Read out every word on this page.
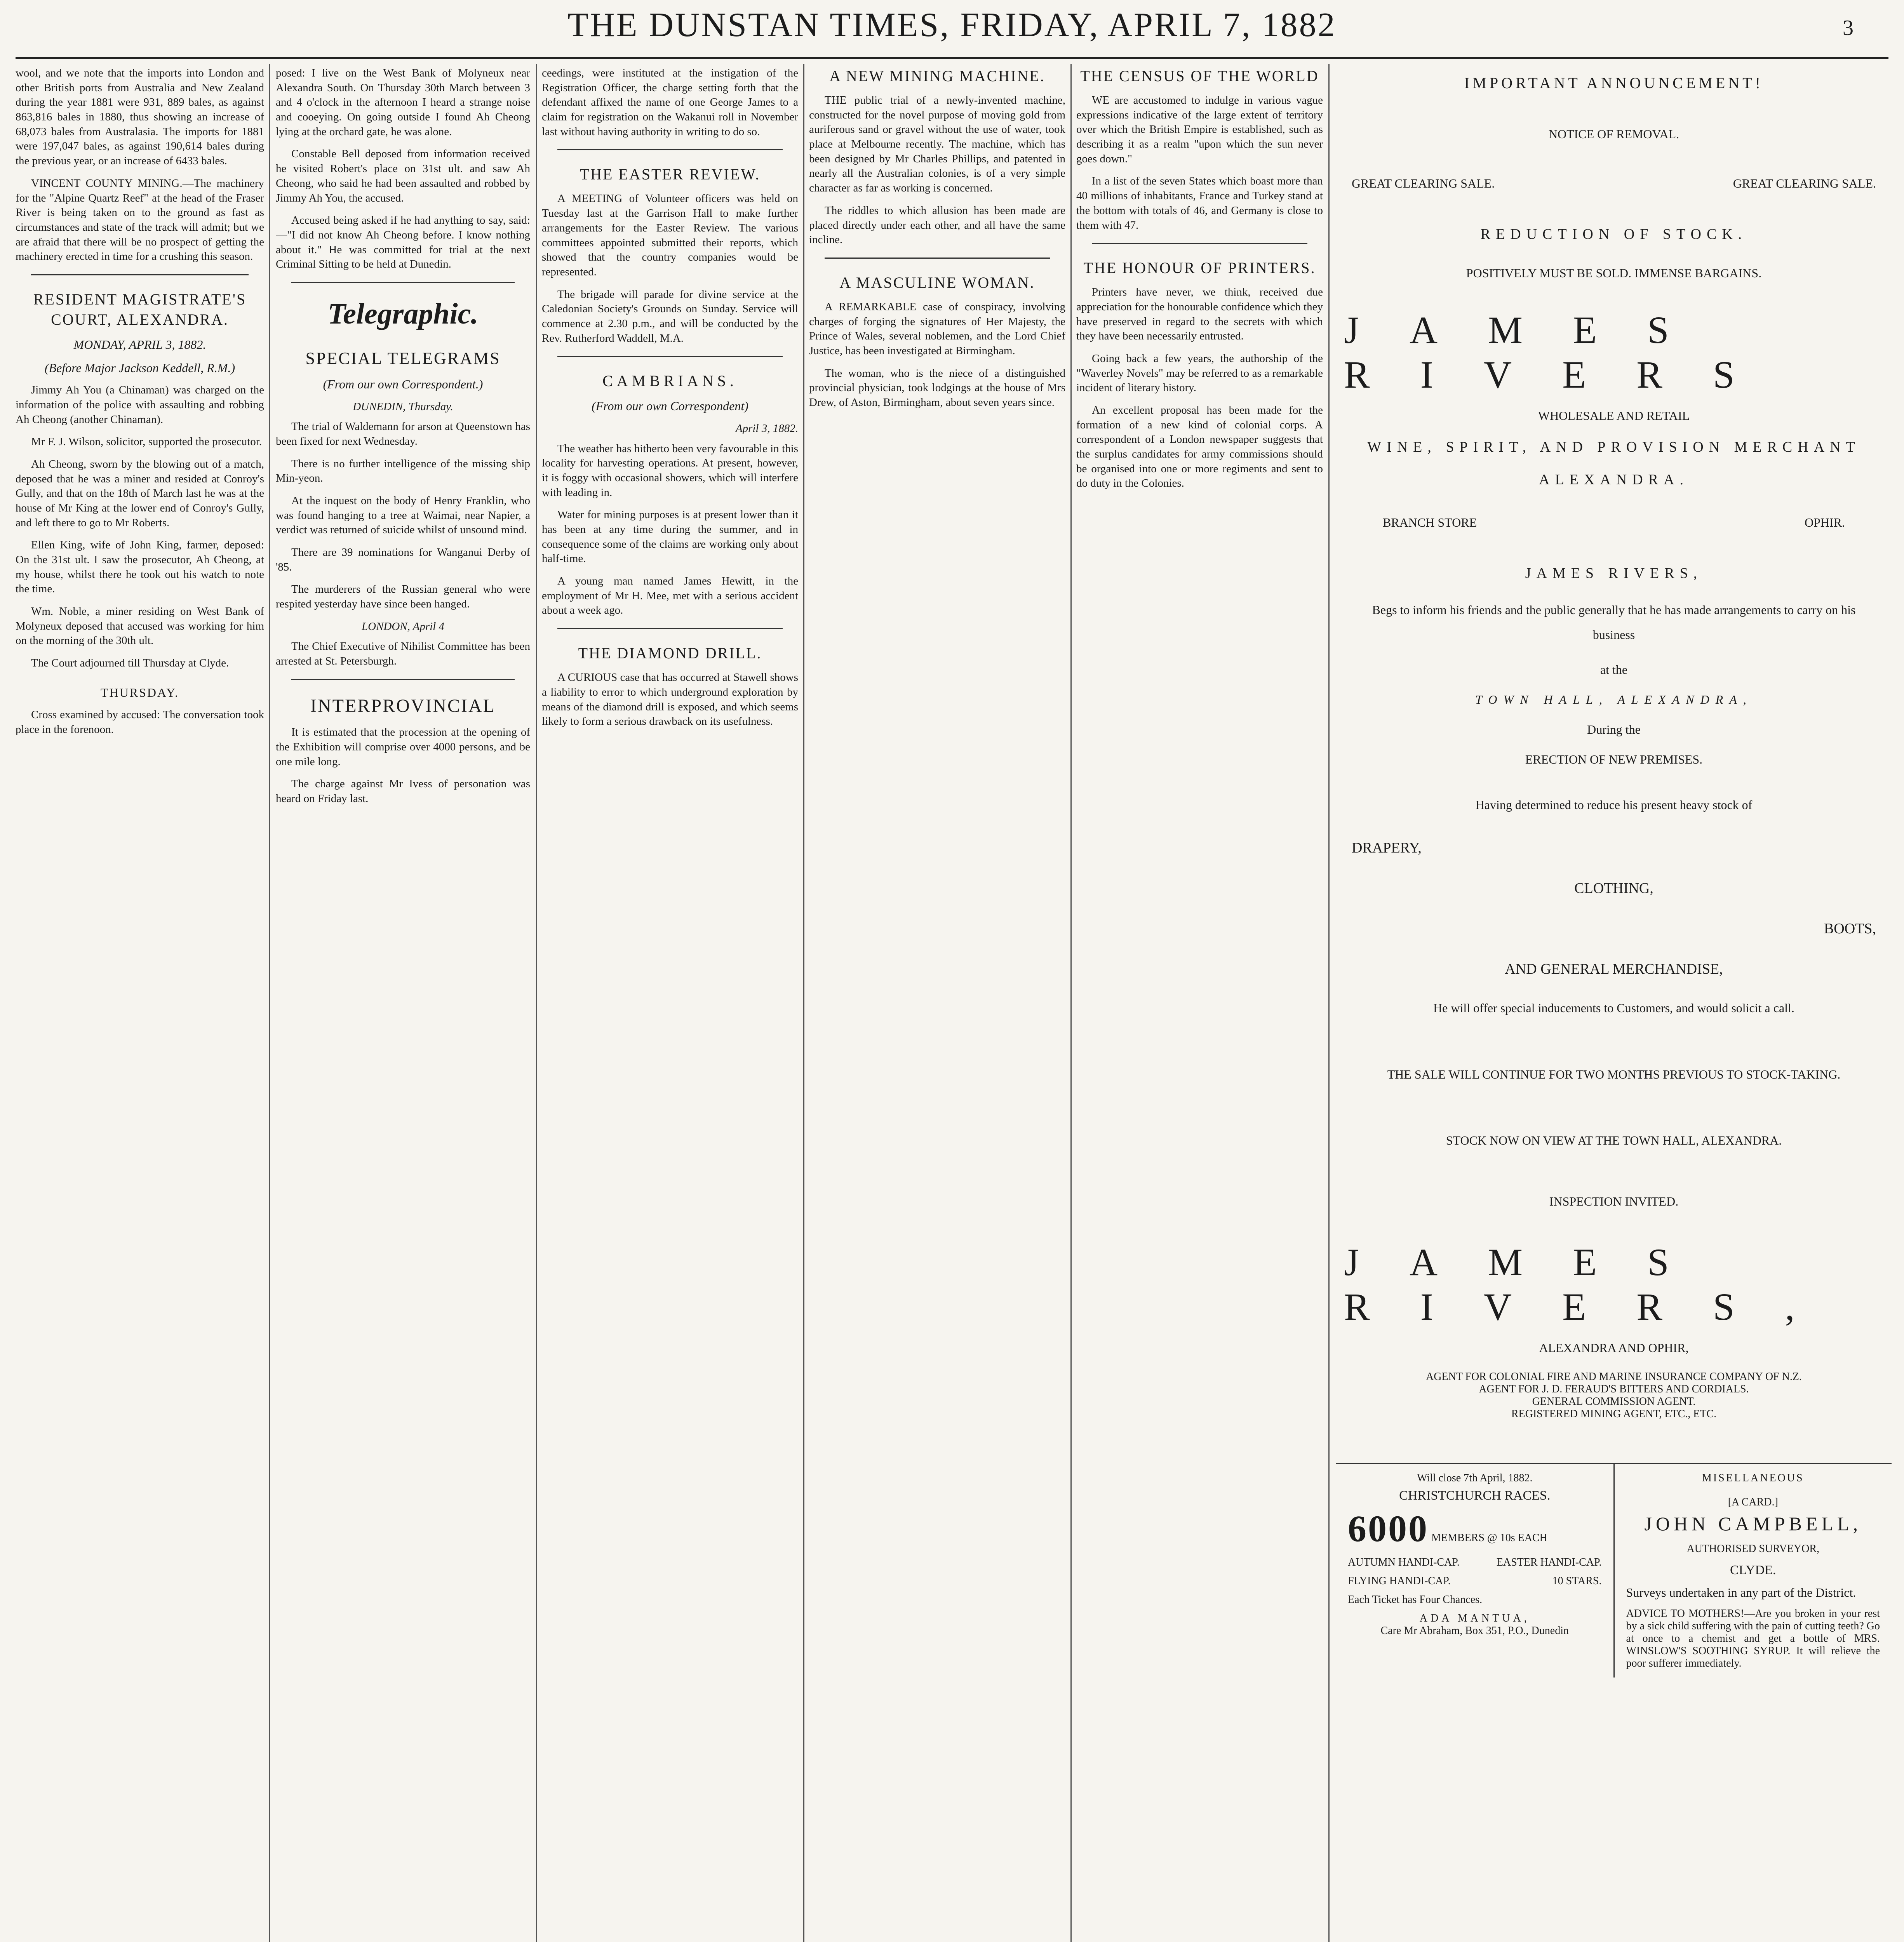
THE DUNSTAN TIMES, FRIDAY, APRIL 7, 1882	3

wool, and we note that the imports into London and other British ports from Australia and New Zealand during the year 1881 were 931, 889 bales, as against 863,816 bales in 1880, thus showing an increase of 68,073 bales from Australasia. The imports for 1881 were 197,047 bales, as against 190,614 bales during the previous year, or an increase of 6433 bales.

VINCENT COUNTY MINING.—The machinery for the "Alpine Quartz Reef" at the head of the Fraser River is being taken on to the ground as fast as circumstances and state of the track will admit; but we are afraid that there will be no prospect of getting the machinery erected in time for a crushing this season.

RESIDENT MAGISTRATE'S COURT, ALEXANDRA.
MONDAY, APRIL 3, 1882.
(Before Major Jackson Keddell, R.M.)

Jimmy Ah You (a Chinaman) was charged on the information of the police with assaulting and robbing Ah Cheong (another Chinaman).

Mr F. J. Wilson, solicitor, supported the prosecutor.

Ah Cheong, sworn by the blowing out of a match, deposed that he was a miner and resided at Conroy's Gully, and that on the 18th of March last he was at the house of Mr King at the lower end of Conroy's Gully, and left there to go to Mr Roberts.

Ellen King, wife of John King, farmer, deposed: On the 31st ult. I saw the prosecutor, Ah Cheong, at my house, whilst there he took out his watch to note the time.

Wm. Noble, a miner residing on West Bank of Molyneux deposed that accused was working for him on the morning of the 30th ult.

The Court adjourned till Thursday at Clyde.

THURSDAY.

Cross examined by accused: The conversation took place in the forenoon.

posed: I live on the West Bank of Molyneux near Alexandra South. On Thursday 30th March between 3 and 4 o'clock in the afternoon I heard a strange noise and cooeying. On going outside I found Ah Cheong lying at the orchard gate, he was alone.

Constable Bell deposed from information received he visited Robert's place on 31st ult. and saw Ah Cheong, who said he had been assaulted and robbed by Jimmy Ah You, the accused.

Accused being asked if he had anything to say, said:—"I did not know Ah Cheong before. I know nothing about it." He was committed for trial at the next Criminal Sitting to be held at Dunedin.

Telegraphic.
SPECIAL TELEGRAMS
(From our own Correspondent.)
DUNEDIN, Thursday.

The trial of Waldemann for arson at Queenstown has been fixed for next Wednesday.

There is no further intelligence of the missing ship Min-yeon.

At the inquest on the body of Henry Franklin, who was found hanging to a tree at Waimai, near Napier, a verdict was returned of suicide whilst of unsound mind.

There are 39 nominations for Wanganui Derby of '85.

The murderers of the Russian general who were respited yesterday have since been hanged.

LONDON, April 4

The Chief Executive of Nihilist Committee has been arrested at St. Petersburgh.

INTERPROVINCIAL

It is estimated that the procession at the opening of the Exhibition will comprise over 4000 persons, and be one mile long.

The charge against Mr Ivess of personation was heard on Friday last.

ceedings, were instituted at the instigation of the Registration Officer, the charge setting forth that the defendant affixed the name of one George James to a claim for registration on the Wakanui roll in November last without having authority in writing to do so.

THE EASTER REVIEW.

A MEETING of Volunteer officers was held on Tuesday last at the Garrison Hall to make further arrangements for the Easter Review. The various committees appointed submitted their reports, which showed that the country companies would be represented.

The brigade will parade for divine service at the Caledonian Society's Grounds on Sunday. Service will commence at 2.30 p.m., and will be conducted by the Rev. Rutherford Waddell, M.A.

CAMBRIANS.
(From our own Correspondent)
April 3, 1882.

The weather has hitherto been very favourable in this locality for harvesting operations. At present, however, it is foggy with occasional showers, which will interfere with leading in.

Water for mining purposes is at present lower than it has been at any time during the summer, and in consequence some of the claims are working only about half-time.

A young man named James Hewitt, in the employment of Mr H. Mee, met with a serious accident about a week ago.

THE DIAMOND DRILL.

A CURIOUS case that has occurred at Stawell shows a liability to error to which underground exploration by means of the diamond drill is exposed, and which seems likely to form a serious drawback on its usefulness.

A NEW MINING MACHINE.

THE public trial of a newly-invented machine, constructed for the novel purpose of moving gold from auriferous sand or gravel without the use of water, took place at Melbourne recently. The machine, which has been designed by Mr Charles Phillips, and patented in nearly all the Australian colonies, is of a very simple character as far as working is concerned.

The riddles to which allusion has been made are placed directly under each other, and all have the same incline.

A MASCULINE WOMAN.

A REMARKABLE case of conspiracy, involving charges of forging the signatures of Her Majesty, the Prince of Wales, several noblemen, and the Lord Chief Justice, has been investigated at Birmingham.

The woman, who is the niece of a distinguished provincial physician, took lodgings at the house of Mrs Drew, of Aston, Birmingham, about seven years since.

THE CENSUS OF THE WORLD

WE are accustomed to indulge in various vague expressions indicative of the large extent of territory over which the British Empire is established, such as describing it as a realm "upon which the sun never goes down."

In a list of the seven States which boast more than 40 millions of inhabitants, France and Turkey stand at the bottom with totals of 46, and Germany is close to them with 47.

THE HONOUR OF PRINTERS.

Printers have never, we think, received due appreciation for the honourable confidence which they have preserved in regard to the secrets with which they have been necessarily entrusted.

Going back a few years, the authorship of the "Waverley Novels" may be referred to as a remarkable incident of literary history.

An excellent proposal has been made for the formation of a new kind of colonial corps. A correspondent of a London newspaper suggests that the surplus candidates for army commissions should be organised into one or more regiments and sent to do duty in the Colonies.

IMPORTANT ANNOUNCEMENT!
NOTICE OF REMOVAL.
GREAT CLEARING SALE.	GREAT CLEARING SALE.
REDUCTION OF STOCK.
POSITIVELY MUST BE SOLD. IMMENSE BARGAINS.
JAMES RIVERS
WHOLESALE AND RETAIL
WINE, SPIRIT, AND PROVISION MERCHANT
ALEXANDRA.
BRANCH STORE	OPHIR.
JAMES RIVERS,
Begs to inform his friends and the public generally that he has made arrangements to carry on his business
at the
TOWN HALL, ALEXANDRA,
During the
ERECTION OF NEW PREMISES.
Having determined to reduce his present heavy stock of
DRAPERY,
CLOTHING,
BOOTS,
AND GENERAL MERCHANDISE,
He will offer special inducements to Customers, and would solicit a call.
THE SALE WILL CONTINUE FOR TWO MONTHS PREVIOUS TO STOCK-TAKING.
STOCK NOW ON VIEW AT THE TOWN HALL, ALEXANDRA.
INSPECTION INVITED.
JAMES RIVERS,
ALEXANDRA AND OPHIR,
AGENT FOR COLONIAL FIRE AND MARINE INSURANCE COMPANY OF N.Z.
AGENT FOR J. D. FERAUD'S BITTERS AND CORDIALS.
GENERAL COMMISSION AGENT.
REGISTERED MINING AGENT, ETC., ETC.
Will close 7th April, 1882.
CHRISTCHURCH RACES.
6000 MEMBERS @ 10s EACH
AUTUMN HANDI-CAP.	EASTER HANDI-CAP.
FLYING HANDI-CAP.	10 STARS.
Each Ticket has Four Chances.
ADA MANTUA,
Care Mr Abraham, Box 351, P.O., Dunedin
MISELLANEOUS
[A CARD.]
JOHN CAMPBELL,
AUTHORISED SURVEYOR,
CLYDE.
Surveys undertaken in any part of the District.
ADVICE TO MOTHERS!—Are you broken in your rest by a sick child suffering with the pain of cutting teeth? Go at once to a chemist and get a bottle of MRS. WINSLOW'S SOOTHING SYRUP. It will relieve the poor sufferer immediately.
